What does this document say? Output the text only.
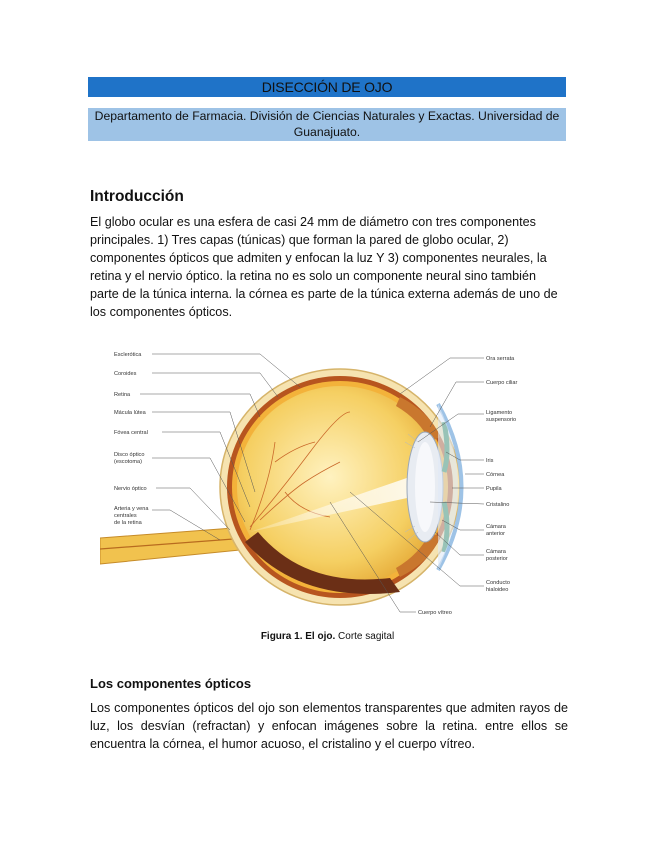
DISECCIÓN DE OJO
Departamento de Farmacia. División de Ciencias Naturales y Exactas. Universidad de Guanajuato.
Introducción

El globo ocular es una esfera de casi 24 mm de diámetro con tres componentes principales. 1) Tres capas (túnicas) que forman la pared de globo ocular, 2) componentes ópticos que admiten y enfocan la luz Y 3) componentes neurales, la retina y el nervio óptico. la retina no es solo un componente neural sino también parte de la túnica interna. la córnea es parte de la túnica externa además de uno de los componentes ópticos.

Esclerótica
Coroides
Retina
Mácula lútea
Fóvea central
Disco óptico
(escotoma)
Nervio óptico
Arteria y vena
centrales
de la retina
Ora serrata
Cuerpo ciliar
Ligamento
suspensorio
Iris
Córnea
Pupila
Cristalino
Cámara
anterior
Cámara
posterior
Conducto
hialoideo
Cuerpo vítreo
Figura 1. El ojo. Corte sagital
Los componentes ópticos

Los componentes ópticos del ojo son elementos transparentes que admiten rayos de luz, los desvían (refractan) y enfocan imágenes sobre la retina. entre ellos se encuentra la córnea, el humor acuoso, el cristalino y el cuerpo vítreo.
